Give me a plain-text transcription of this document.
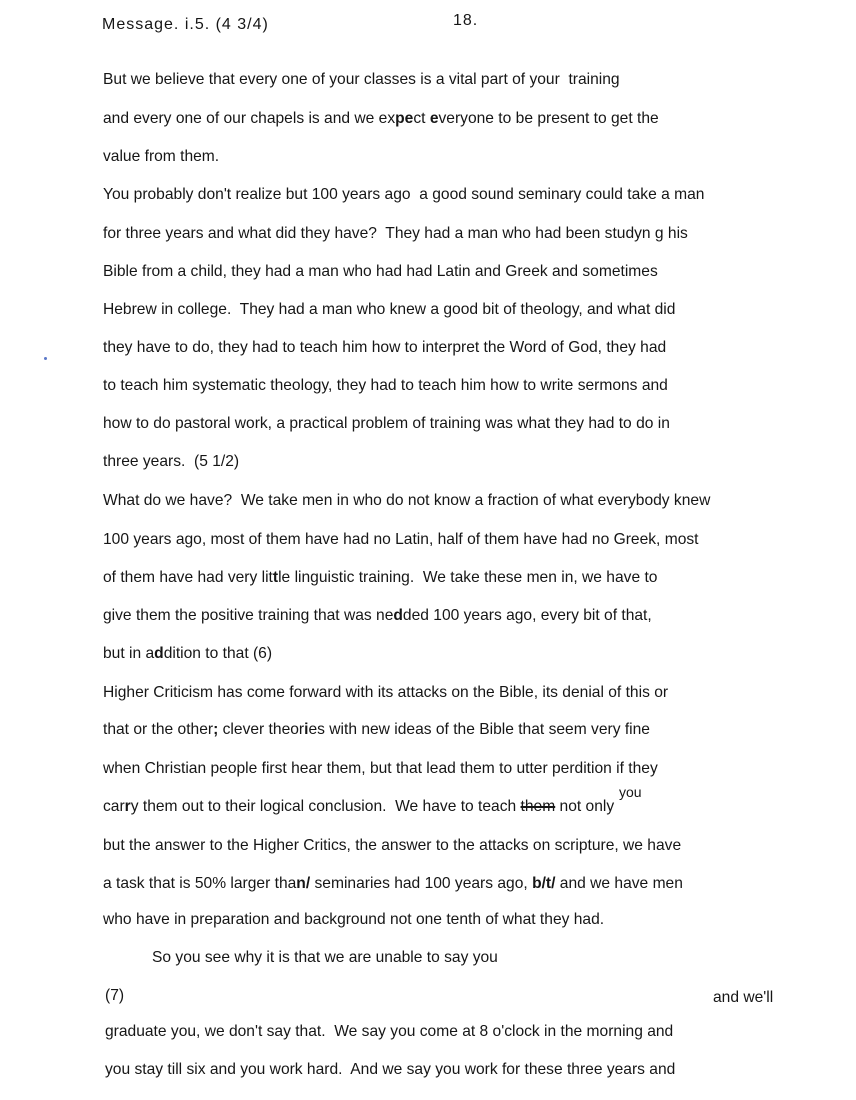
Message. i.5. (4 3/4)	18.
But we believe that every one of your classes is a vital part of your  training
and every one of our chapels is and we expect everyone to be present to get the
value from them.
You probably don't realize but 100 years ago  a good sound seminary could take a man
for three years and what did they have?  They had a man who had been studyn g his
Bible from a child, they had a man who had had Latin and Greek and sometimes
Hebrew in college.  They had a man who knew a good bit of theology, and what did
they have to do, they had to teach him how to interpret the Word of God, they had
to teach him systematic theology, they had to teach him how to write sermons and
how to do pastoral work, a practical problem of training was what they had to do in
three years.  (5 1/2)
What do we have?  We take men in who do not know a fraction of what everybody knew
100 years ago, most of them have had no Latin, half of them have had no Greek, most
of them have had very little linguistic training.  We take these men in, we have to
give them the positive training that was nedded 100 years ago, every bit of that,
but in addition to that (6)
Higher Criticism has come forward with its attacks on the Bible, its denial of this or
that or the other; clever theories with new ideas of the Bible that seem very fine
when Christian people first hear them, but that lead them to utter perdition if they
you
carry them out to their logical conclusion.  We have to teach them not only
but the answer to the Higher Critics, the answer to the attacks on scripture, we have
a task that is 50% larger than/ seminaries had 100 years ago, b/t/ and we have men
who have in preparation and background not one tenth of what they had.
So you see why it is that we are unable to say you
(7)	and we'll
graduate you, we don't say that.  We say you come at 8 o'clock in the morning and
you stay till six and you work hard.  And we say you work for these three years and
